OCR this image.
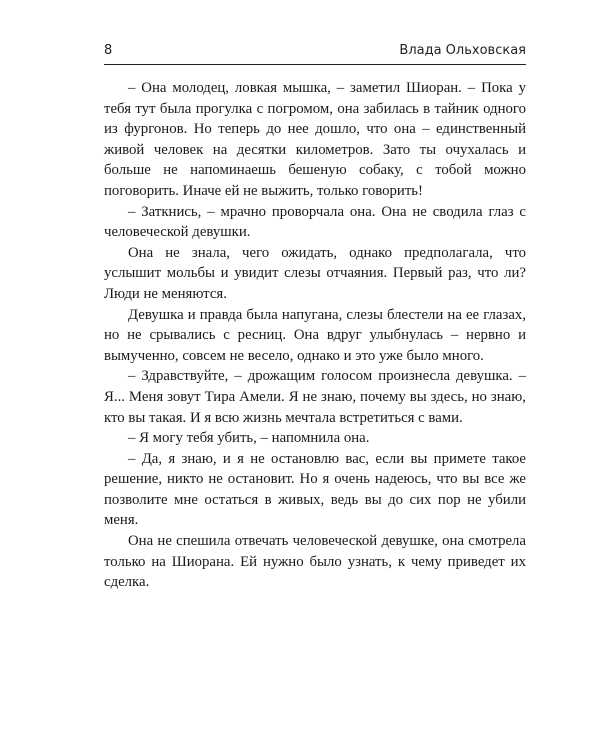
8	Влада Ольховская

– Она молодец, ловкая мышка, – заметил Шиоран. – Пока у тебя тут была прогулка с погромом, она забилась в тайник одного из фургонов. Но теперь до нее дошло, что она – единственный живой человек на десятки километров. Зато ты очухалась и больше не напоминаешь бешеную собаку, с тобой можно поговорить. Иначе ей не выжить, только говорить!

– Заткнись, – мрачно проворчала она. Она не сводила глаз с человеческой девушки.

Она не знала, чего ожидать, однако предполагала, что услышит мольбы и увидит слезы отчаяния. Первый раз, что ли? Люди не меняются.

Девушка и правда была напугана, слезы блестели на ее глазах, но не срывались с ресниц. Она вдруг улыбнулась – нервно и вымученно, совсем не весело, однако и это уже было много.

– Здравствуйте, – дрожащим голосом произнесла девушка. – Я... Меня зовут Тира Амели. Я не знаю, почему вы здесь, но знаю, кто вы такая. И я всю жизнь мечтала встретиться с вами.

– Я могу тебя убить, – напомнила она.

– Да, я знаю, и я не остановлю вас, если вы примете такое решение, никто не остановит. Но я очень надеюсь, что вы все же позволите мне остаться в живых, ведь вы до сих пор не убили меня.

Она не спешила отвечать человеческой девушке, она смотрела только на Шиорана. Ей нужно было узнать, к чему приведет их сделка.
